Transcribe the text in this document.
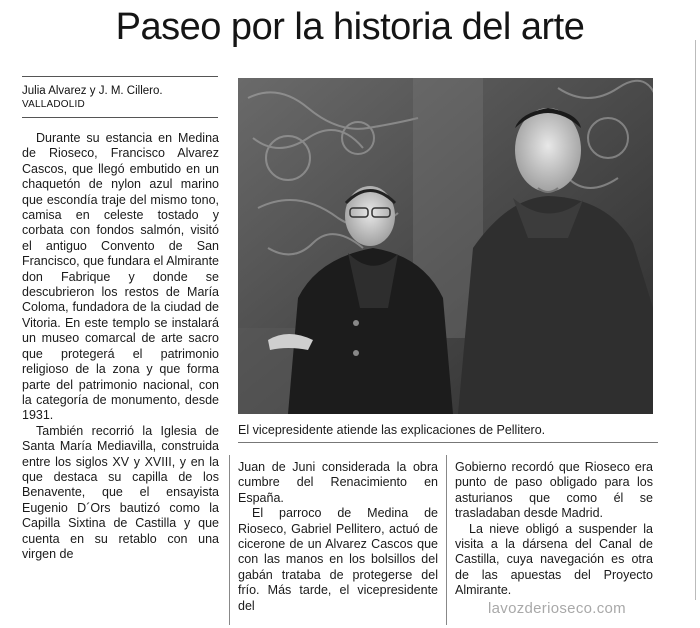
Paseo por la historia del arte
Julia Alvarez y J. M. Cillero.
VALLADOLID

Durante su estancia en Medina de Rioseco, Francisco Alvarez Cascos, que llegó embutido en un chaquetón de nylon azul marino que escondía traje del mismo tono, camisa en celeste tostado y corbata con fondos salmón, visitó el antiguo Convento de San Francisco, que fundara el Almirante don Fabrique y donde se descubrieron los restos de María Coloma, fundadora de la ciudad de Vitoria. En este templo se instalará un museo comarcal de arte sacro que protegerá el patrimonio religioso de la zona y que forma parte del patrimonio nacional, con la categoría de monumento, desde 1931.

También recorrió la Iglesia de Santa María Mediavilla, construida entre los siglos XV y XVIII, y en la que destaca su capilla de los Benavente, que el ensayista Eugenio D´Ors bautizó como la Capilla Sixtina de Castilla y que cuenta en su retablo con una virgen de

El vicepresidente atiende las explicaciones de Pellitero.

Juan de Juni considerada la obra cumbre del Renacimiento en España.

El parroco de Medina de Rioseco, Gabriel Pellitero, actuó de cicerone de un Alvarez Cascos que con las manos en los bolsillos del gabán trataba de protegerse del frío. Más tarde, el vicepresidente del

Gobierno recordó que Rioseco era punto de paso obligado para los asturianos que como él se trasladaban desde Madrid.

La nieve obligó a suspender la visita a la dársena del Canal de Castilla, cuya navegación es otra de las apuestas del Proyecto Almirante.

lavozderioseco.com
